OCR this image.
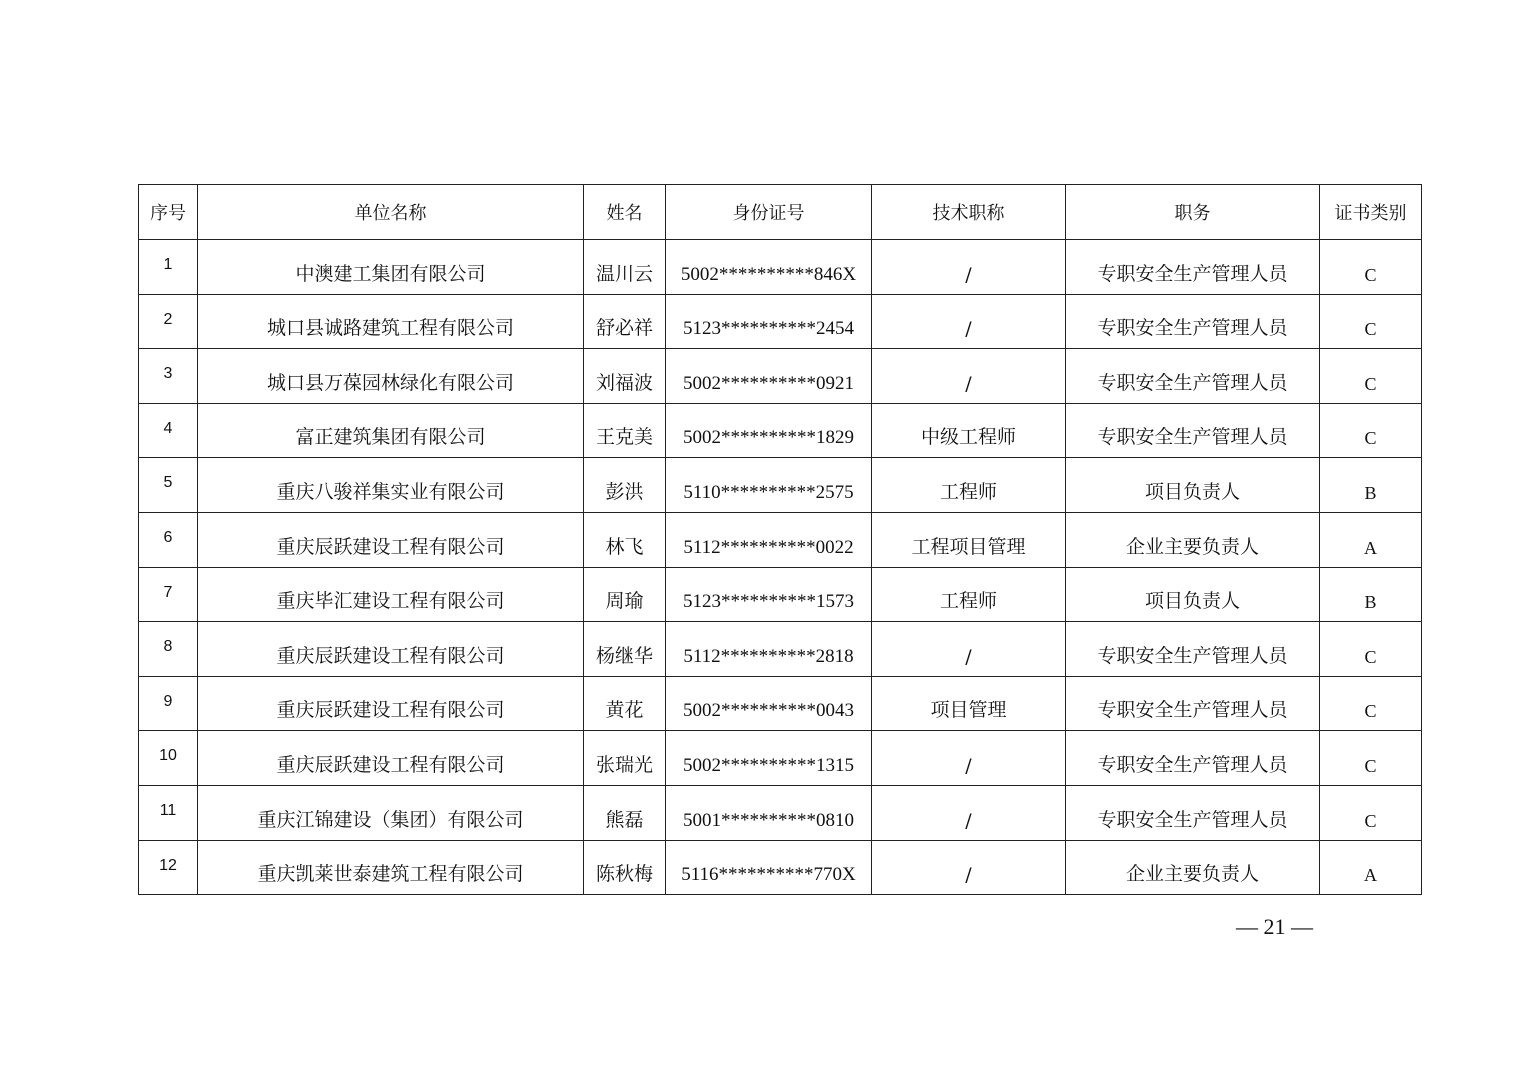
序号	单位名称	姓名	身份证号	技术职称	职务	证书类别
1	中澳建工集团有限公司	温川云	5002**********846X	/	专职安全生产管理人员	C
2	城口县诚路建筑工程有限公司	舒必祥	5123**********2454	/	专职安全生产管理人员	C
3	城口县万葆园林绿化有限公司	刘福波	5002**********0921	/	专职安全生产管理人员	C
4	富正建筑集团有限公司	王克美	5002**********1829	中级工程师	专职安全生产管理人员	C
5	重庆八骏祥集实业有限公司	彭洪	5110**********2575	工程师	项目负责人	B
6	重庆辰跃建设工程有限公司	林飞	5112**********0022	工程项目管理	企业主要负责人	A
7	重庆毕汇建设工程有限公司	周瑜	5123**********1573	工程师	项目负责人	B
8	重庆辰跃建设工程有限公司	杨继华	5112**********2818	/	专职安全生产管理人员	C
9	重庆辰跃建设工程有限公司	黄花	5002**********0043	项目管理	专职安全生产管理人员	C
10	重庆辰跃建设工程有限公司	张瑞光	5002**********1315	/	专职安全生产管理人员	C
11	重庆江锦建设（集团）有限公司	熊磊	5001**********0810	/	专职安全生产管理人员	C
12	重庆凯莱世泰建筑工程有限公司	陈秋梅	5116**********770X	/	企业主要负责人	A
— 21 —
